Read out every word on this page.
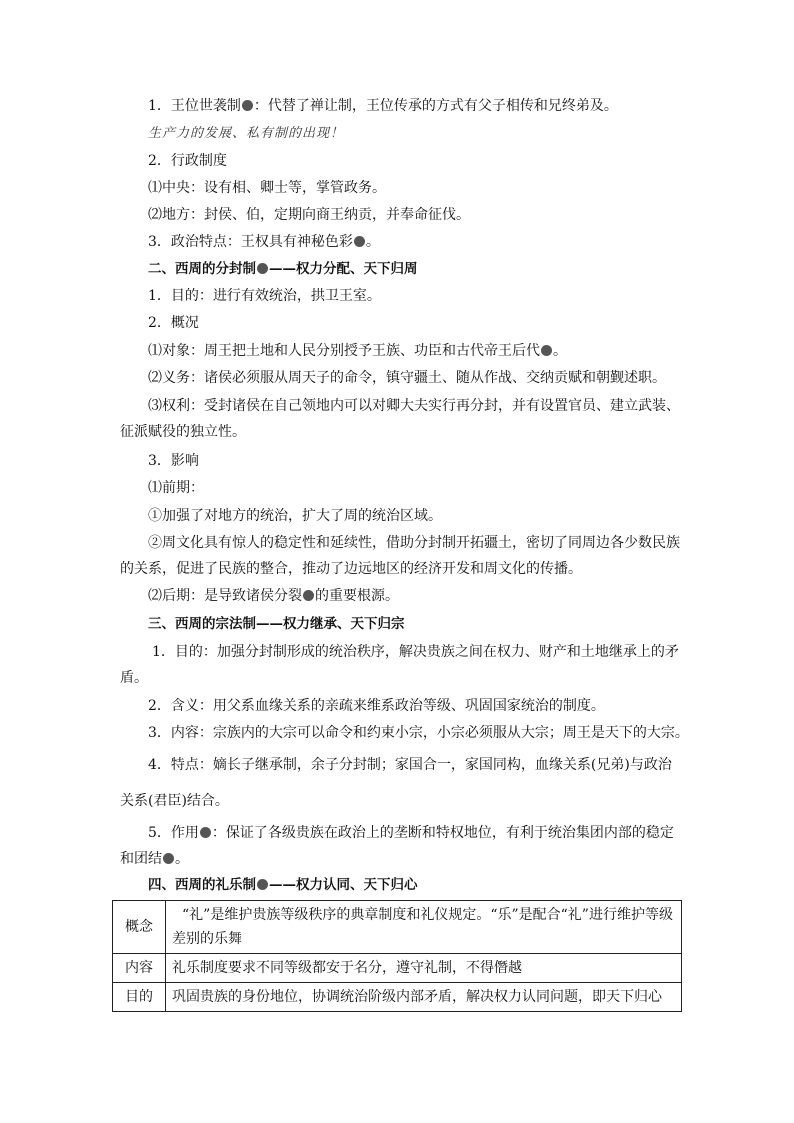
1．王位世袭制 ：代替了禅让制，王位传承的方式有父子相传和兄终弟及。
生产力的发展、私有制的出现！
2．行政制度
⑴中央：设有相、卿士等，掌管政务。
⑵地方：封侯、伯，定期向商王纳贡，并奉命征伐。
3．政治特点：王权具有神秘色彩 。
二、西周的分封制 ——权力分配、天下归周
1．目的：进行有效统治，拱卫王室。
2．概况
⑴对象：周王把土地和人民分别授予王族、功臣和古代帝王后代 。
⑵义务：诸侯必须服从周天子的命令，镇守疆土、随从作战、交纳贡赋和朝觐述职。
⑶权利：受封诸侯在自己领地内可以对卿大夫实行再分封，并有设置官员、建立武装、征派赋役的独立性。
3．影响
⑴前期：
①加强了对地方的统治，扩大了周的统治区域。
②周文化具有惊人的稳定性和延续性，借助分封制开拓疆土，密切了同周边各少数民族的关系，促进了民族的整合，推动了边远地区的经济开发和周文化的传播。
⑵后期：是导致诸侯分裂 的重要根源。
三、西周的宗法制——权力继承、天下归宗
1．目的：加强分封制形成的统治秩序，解决贵族之间在权力、财产和土地继承上的矛盾。
2．含义：用父系血缘关系的亲疏来维系政治等级、巩固国家统治的制度。
3．内容：宗族内的大宗可以命令和约束小宗，小宗必须服从大宗；周王是天下的大宗。
4．特点：嫡长子继承制，余子分封制；家国合一，家国同构，血缘关系(兄弟)与政治
关系(君臣)结合。
5．作用 ：保证了各级贵族在政治上的垄断和特权地位，有利于统治集团内部的稳定
和团结 。
四、西周的礼乐制 ——权力认同、天下归心
概念	“礼”是维护贵族等级秩序的典章制度和礼仪规定。“乐”是配合“礼”进行维护等级差别的乐舞
内容	礼乐制度要求不同等级都安于名分，遵守礼制，不得僭越
目的	巩固贵族的身份地位，协调统治阶级内部矛盾，解决权力认同问题，即天下归心
